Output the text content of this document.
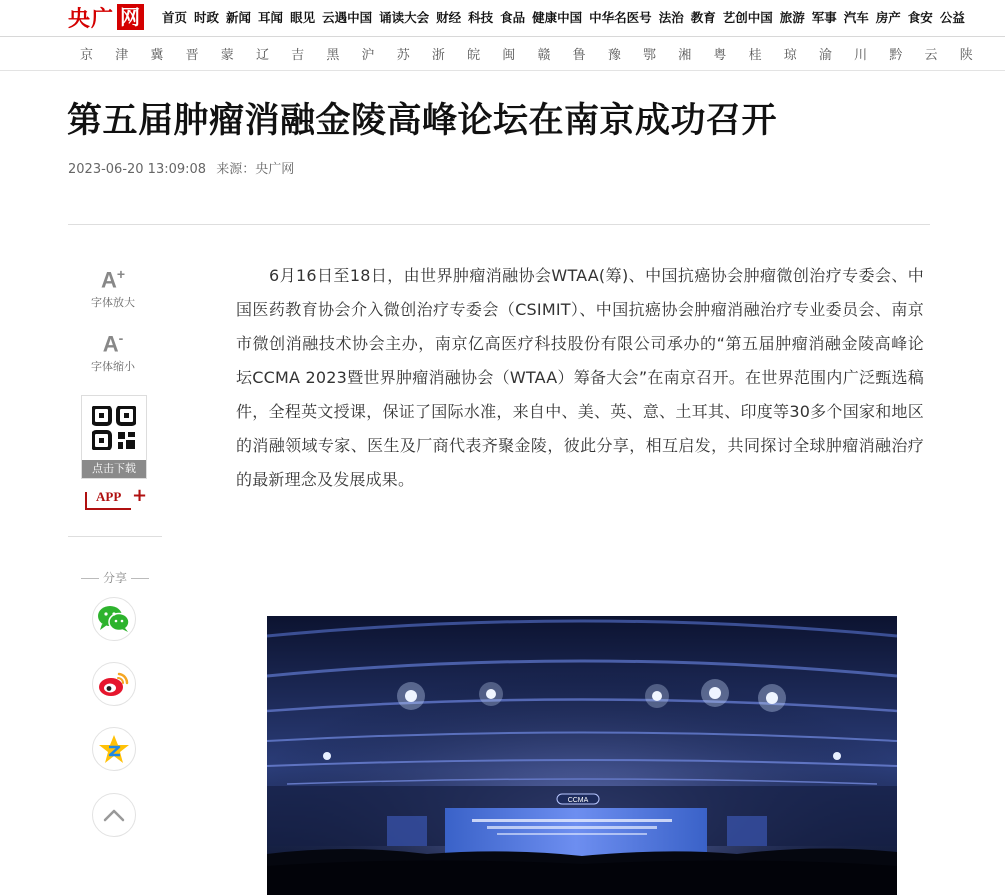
央广 网 首页 时政 新闻 耳闻 眼见 云遇中国 诵读大会 财经 科技 食品 健康中国 中华名医号 法治 教育 艺创中国 旅游 军事 汽车 房产 食安 公益
京	津	冀	晋	蒙	辽	吉	黑	沪	苏	浙	皖	闽	赣	鲁	豫	鄂	湘	粤	桂	琼	渝	川	黔	云	陕
第五届肿瘤消融金陵高峰论坛在南京成功召开
2023-06-20 13:09:08 来源：央广网
A+
字体放大
A-
字体缩小
点击下载
APP +
分享

6月16日至18日，由世界肿瘤消融协会WTAA(筹)、中国抗癌协会肿瘤微创治疗专委会、中国医药教育协会介入微创治疗专委会（CSIMIT）、中国抗癌协会肿瘤消融治疗专业委员会、南京市微创消融技术协会主办，南京亿高医疗科技股份有限公司承办的“第五届肿瘤消融金陵高峰论坛CCMA 2023暨世界肿瘤消融协会（WTAA）筹备大会”在南京召开。在世界范围内广泛甄选稿件，全程英文授课，保证了国际水准，来自中、美、英、意、土耳其、印度等30多个国家和地区的消融领域专家、医生及厂商代表齐聚金陵，彼此分享，相互启发，共同探讨全球肿瘤消融治疗的最新理念及发展成果。

CCMA
